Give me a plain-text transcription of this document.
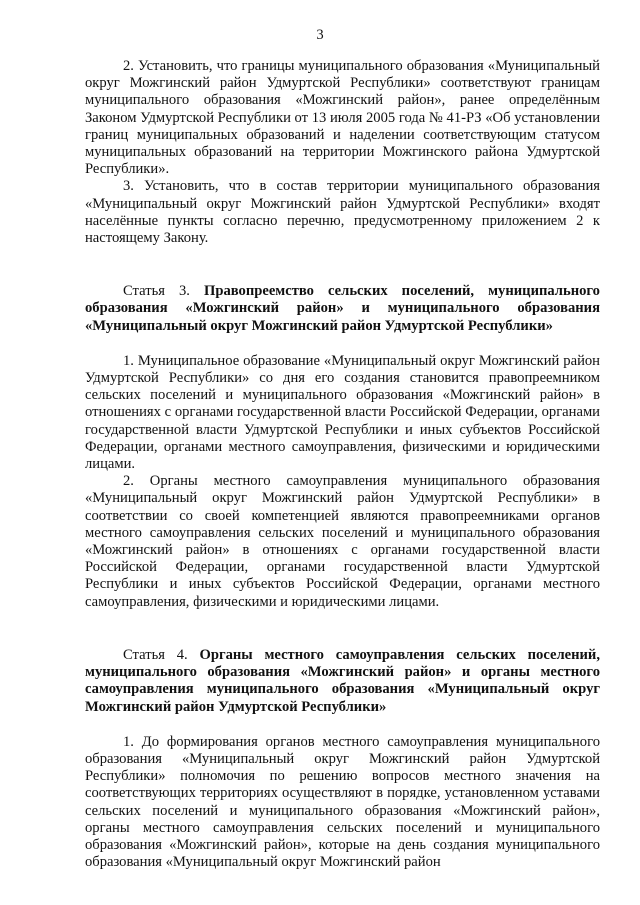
3

2. Установить, что границы муниципального образования «Муниципальный округ Можгинский район Удмуртской Республики» соответствуют границам муниципального образования «Можгинский район», ранее определённым Законом Удмуртской Республики от 13 июля 2005 года № 41-РЗ «Об установлении границ муниципальных образований и наделении соответствующим статусом муниципальных образований на территории Можгинского района Удмуртской Республики».

3. Установить, что в состав территории муниципального образования «Муниципальный округ Можгинский район Удмуртской Республики» входят населённые пункты согласно перечню, предусмотренному приложением 2 к настоящему Закону.

Статья 3. Правопреемство сельских поселений, муниципального образования «Можгинский район» и муниципального образования «Муниципальный округ Можгинский район Удмуртской Республики»

1. Муниципальное образование «Муниципальный округ Можгинский район Удмуртской Республики» со дня его создания становится правопреемником сельских поселений и муниципального образования «Можгинский район» в отношениях с органами государственной власти Российской Федерации, органами государственной власти Удмуртской Республики и иных субъектов Российской Федерации, органами местного самоуправления, физическими и юридическими лицами.

2. Органы местного самоуправления муниципального образования «Муниципальный округ Можгинский район Удмуртской Республики» в соответствии со своей компетенцией являются правопреемниками органов местного самоуправления сельских поселений и муниципального образования «Можгинский район» в отношениях с органами государственной власти Российской Федерации, органами государственной власти Удмуртской Республики и иных субъектов Российской Федерации, органами местного самоуправления, физическими и юридическими лицами.

Статья 4. Органы местного самоуправления сельских поселений, муниципального образования «Можгинский район» и органы местного самоуправления муниципального образования «Муниципальный округ Можгинский район Удмуртской Республики»

1. До формирования органов местного самоуправления муниципального образования «Муниципальный округ Можгинский район Удмуртской Республики» полномочия по решению вопросов местного значения на соответствующих территориях осуществляют в порядке, установленном уставами сельских поселений и муниципального образования «Можгинский район», органы местного самоуправления сельских поселений и муниципального образования «Можгинский район», которые на день создания муниципального образования «Муниципальный округ Можгинский район
